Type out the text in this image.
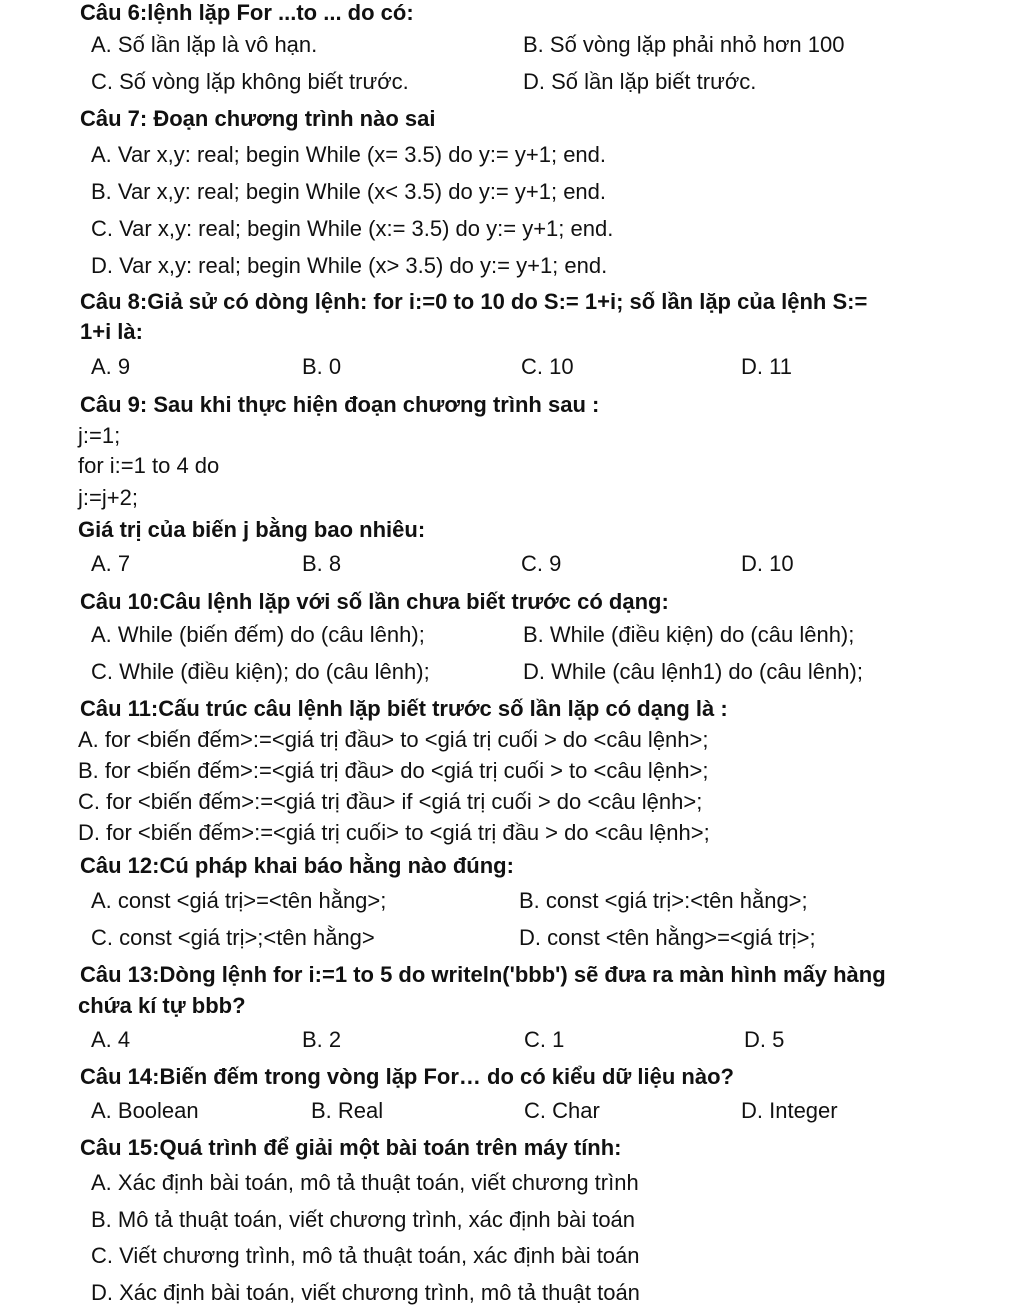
Câu 6:lệnh lặp For ...to ... do có:
A. Số lần lặp là vô hạn.	B. Số vòng lặp phải nhỏ hơn 100
C. Số vòng lặp không biết trước.	D. Số lần lặp biết trước.
Câu 7: Đoạn chương trình nào sai
A. Var x,y: real; begin While (x= 3.5) do y:= y+1; end.
B. Var x,y: real; begin While (x< 3.5) do y:= y+1; end.
C. Var x,y: real; begin While (x:= 3.5) do y:= y+1; end.
D. Var x,y: real; begin While (x> 3.5) do y:= y+1; end.
Câu 8:Giả sử có dòng lệnh: for i:=0 to 10 do S:= 1+i; số lần lặp của lệnh S:=
1+i là:
A. 9	B. 0	C. 10	D. 11
Câu 9: Sau khi thực hiện đoạn chương trình sau :
j:=1;
for i:=1 to 4 do
j:=j+2;
Giá trị của biến j bằng bao nhiêu:
A. 7	B. 8	C. 9	D. 10
Câu 10:Câu lệnh lặp với số lần chưa biết trước có dạng:
A. While (biến đếm) do (câu lênh);	B. While (điều kiện) do (câu lênh);
C. While (điều kiện); do (câu lênh);	D. While (câu lệnh1) do (câu lênh);
Câu 11:Cấu trúc câu lệnh lặp biết trước số lần lặp có dạng là :
A. for <biến đếm>:=<giá trị đầu> to <giá trị cuối > do <câu lệnh>;
B. for <biến đếm>:=<giá trị đầu> do <giá trị cuối > to <câu lệnh>;
C. for <biến đếm>:=<giá trị đầu> if <giá trị cuối > do <câu lệnh>;
D. for <biến đếm>:=<giá trị cuối> to <giá trị đầu > do <câu lệnh>;
Câu 12:Cú pháp khai báo hằng nào đúng:
A. const <giá trị>=<tên hằng>;	B. const <giá trị>:<tên hằng>;
C. const <giá trị>;<tên hằng>	D. const <tên hằng>=<giá trị>;
Câu 13:Dòng lệnh for i:=1 to 5 do writeln('bbb') sẽ đưa ra màn hình mấy hàng
chứa kí tự bbb?
A. 4	B. 2	C. 1	D. 5
Câu 14:Biến đếm trong vòng lặp For… do có kiểu dữ liệu nào?
A. Boolean	B. Real	C. Char	D. Integer
Câu 15:Quá trình để giải một bài toán trên máy tính:
A. Xác định bài toán, mô tả thuật toán, viết chương trình
B. Mô tả thuật toán, viết chương trình, xác định bài toán
C. Viết chương trình, mô tả thuật toán, xác định bài toán
D. Xác định bài toán, viết chương trình, mô tả thuật toán
